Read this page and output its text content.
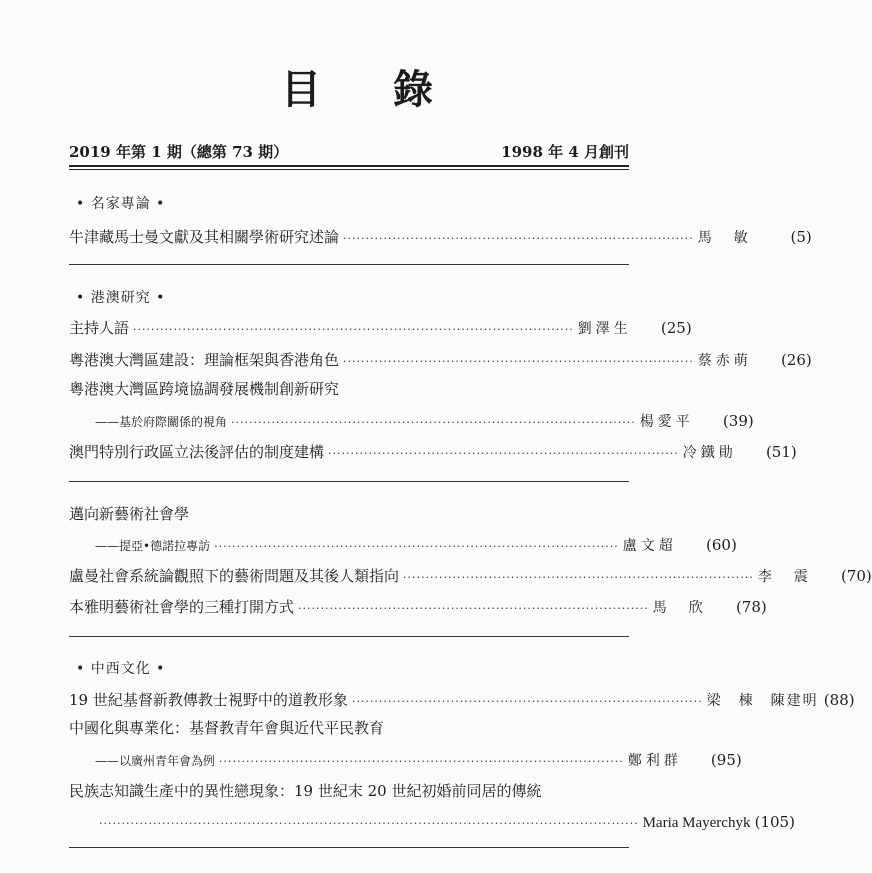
目 錄
2019 年第 1 期（總第 73 期）	1998 年 4 月創刊
• 名家專論 •
牛津藏馬士曼文獻及其相關學術研究述論 ·············································································· 馬　敏	(5)
• 港澳研究 •
主持人語 ·································································································· 劉澤生	(25)
粵港澳大灣區建設：理論框架與香港角色 ·············································································· 蔡赤萌	(26)
粵港澳大灣區跨境協調發展機制創新研究
——基於府際關係的視角 ·························································································· 楊愛平	(39)
澳門特別行政區立法後評估的制度建構 ·············································································· 冷鐵勛	(51)
邁向新藝術社會學
——提亞•德諾拉專訪 ·························································································· 盧文超	(60)
盧曼社會系統論觀照下的藝術問題及其後人類指向 ·············································································· 李　震	(70)
本雅明藝術社會學的三種打開方式 ·············································································· 馬　欣	(78)
• 中西文化 •
19 世紀基督新教傳教士視野中的道教形象 ·············································································· 梁　棟　陳建明 (88)
中國化與專業化：基督教青年會與近代平民教育
——以廣州青年會為例 ·························································································· 鄭利群	(95)
民族志知識生產中的異性戀現象：19 世紀末 20 世紀初婚前同居的傳統
························································································································ Maria Mayerchyk (105)
